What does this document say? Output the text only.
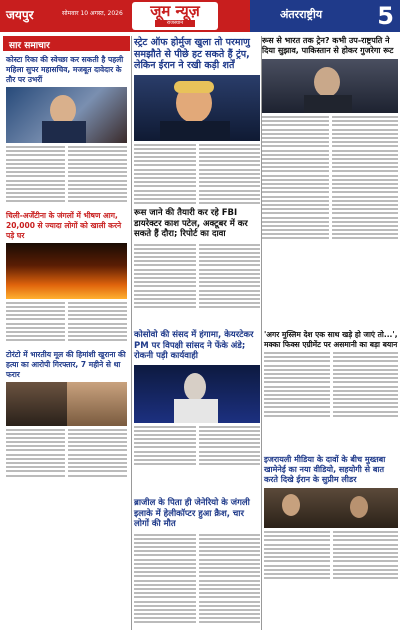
जयपुर	सोमवार 10 अगस्त, 2026	जूम न्यूज़
राजस्थान
अंतरराष्ट्रीय 5
सार समाचार
कोस्टा रिका की स्वेच्छा कर सकती है पहली महिला सुपर महासचिव, मजबूत दावेदार के तौर पर उभरीं
चिली-अर्जेंटीना के जंगलों में भीषण आग, 20,000 से ज्यादा लोगों को खाली करने पड़े घर
टोरंटो में भारतीय मूल की हिमांशी खुराना की हत्या का आरोपी गिरफ्तार, 7 महीने से था फरार
स्ट्रेट ऑफ होर्मुज खुला तो परमाणु समझौते से पीछे हट सकते हैं ट्रंप, लेकिन ईरान ने रखी कड़ी शर्तें
रूस जाने की तैयारी कर रहे FBI डायरेक्टर काश पटेल, अक्टूबर में कर सकते हैं दौरा; रिपोर्ट का दावा
कोसोवो की संसद में हंगामा, केयरटेकर PM पर विपक्षी सांसद ने फेंके अंडे; रोकनी पड़ी कार्यवाही
ब्राजील के पिता ही जेनेरियो के जंगली इलाके में हेलीकॉप्टर हुआ क्रैश, चार लोगों की मौत
रूस से भारत तक ट्रेन? कभी उप-राष्ट्रपति ने दिया सुझाव, पाकिस्तान से होकर गुजरेगा रूट
'अगर मुस्लिम देश एक साथ खड़े हो जाएं तो...', मक्का फिक्स एग्रीमेंट पर असमानी का बड़ा बयान
इजरायली मीडिया के दावों के बीच मुख्तबा खामेनेई का नया वीडियो, सहयोगी से बात करते दिखे ईरान के सुप्रीम लीडर
